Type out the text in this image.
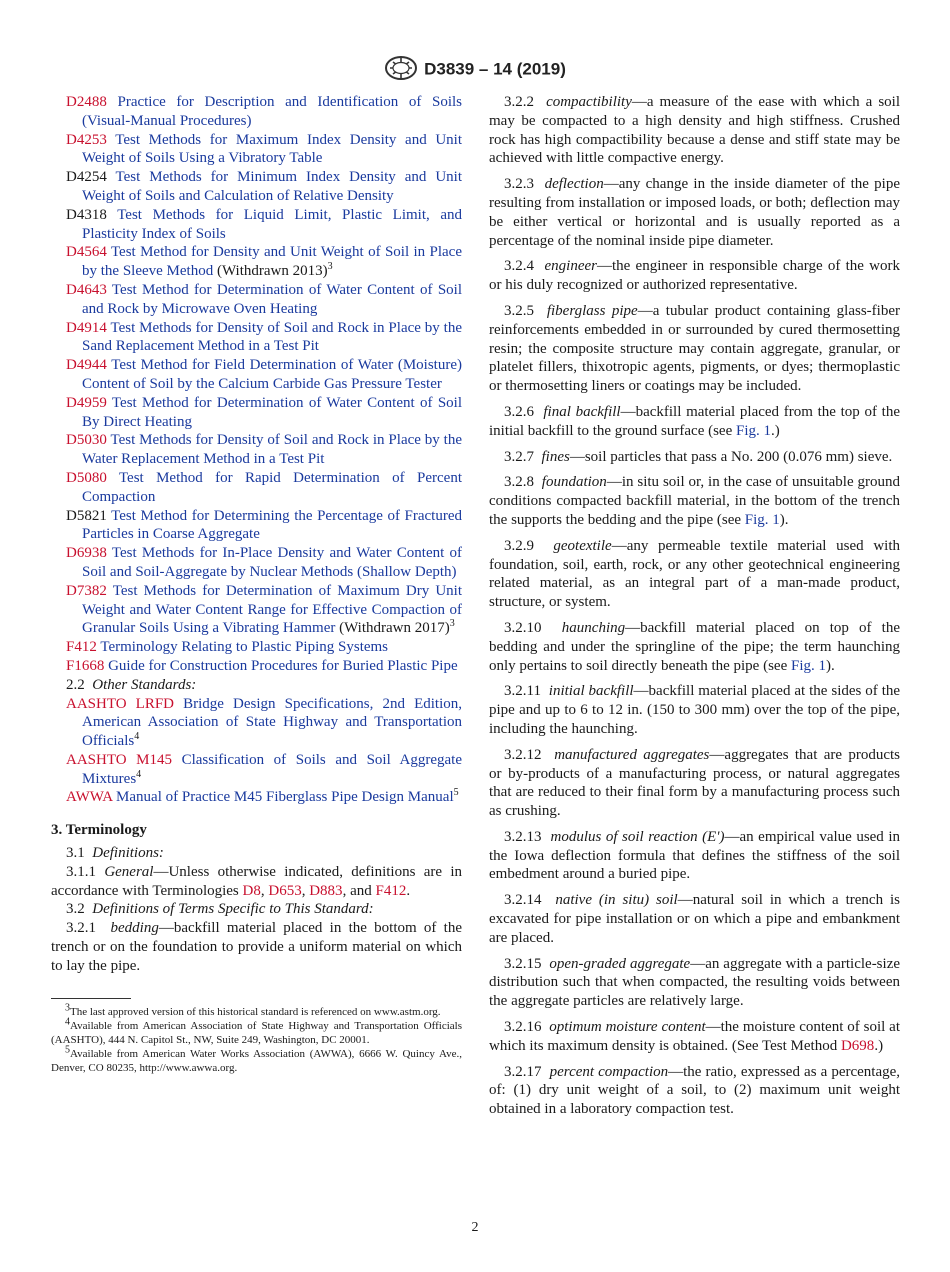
D3839 – 14 (2019)

D2488 Practice for Description and Identification of Soils (Visual-Manual Procedures)

D4253 Test Methods for Maximum Index Density and Unit Weight of Soils Using a Vibratory Table

D4254 Test Methods for Minimum Index Density and Unit Weight of Soils and Calculation of Relative Density

D4318 Test Methods for Liquid Limit, Plastic Limit, and Plasticity Index of Soils

D4564 Test Method for Density and Unit Weight of Soil in Place by the Sleeve Method (Withdrawn 2013)$^3$

D4643 Test Method for Determination of Water Content of Soil and Rock by Microwave Oven Heating

D4914 Test Methods for Density of Soil and Rock in Place by the Sand Replacement Method in a Test Pit

D4944 Test Method for Field Determination of Water (Moisture) Content of Soil by the Calcium Carbide Gas Pressure Tester

D4959 Test Method for Determination of Water Content of Soil By Direct Heating

D5030 Test Methods for Density of Soil and Rock in Place by the Water Replacement Method in a Test Pit

D5080 Test Method for Rapid Determination of Percent Compaction

D5821 Test Method for Determining the Percentage of Fractured Particles in Coarse Aggregate

D6938 Test Methods for In-Place Density and Water Content of Soil and Soil-Aggregate by Nuclear Methods (Shallow Depth)

D7382 Test Methods for Determination of Maximum Dry Unit Weight and Water Content Range for Effective Compaction of Granular Soils Using a Vibrating Hammer (Withdrawn 2017)$^3$

F412 Terminology Relating to Plastic Piping Systems

F1668 Guide for Construction Procedures for Buried Plastic Pipe

2.2 Other Standards:

AASHTO LRFD Bridge Design Specifications, 2nd Edition, American Association of State Highway and Transportation Officials$^4$

AASHTO M145 Classification of Soils and Soil Aggregate Mixtures$^4$

AWWA Manual of Practice M45 Fiberglass Pipe Design Manual$^5$

3. Terminology

3.1 Definitions:

3.1.1 General—Unless otherwise indicated, definitions are in accordance with Terminologies D8, D653, D883, and F412.

3.2 Definitions of Terms Specific to This Standard:

3.2.1 bedding—backfill material placed in the bottom of the trench or on the foundation to provide a uniform material on which to lay the pipe.

$^3$The last approved version of this historical standard is referenced on www.astm.org.

$^4$Available from American Association of State Highway and Transportation Officials (AASHTO), 444 N. Capitol St., NW, Suite 249, Washington, DC 20001.

$^5$Available from American Water Works Association (AWWA), 6666 W. Quincy Ave., Denver, CO 80235, http://www.awwa.org.

3.2.2 compactibility—a measure of the ease with which a soil may be compacted to a high density and high stiffness. Crushed rock has high compactibility because a dense and stiff state may be achieved with little compactive energy.

3.2.3 deflection—any change in the inside diameter of the pipe resulting from installation or imposed loads, or both; deflection may be either vertical or horizontal and is usually reported as a percentage of the nominal inside pipe diameter.

3.2.4 engineer—the engineer in responsible charge of the work or his duly recognized or authorized representative.

3.2.5 fiberglass pipe—a tubular product containing glass-fiber reinforcements embedded in or surrounded by cured thermosetting resin; the composite structure may contain aggregate, granular, or platelet fillers, thixotropic agents, pigments, or dyes; thermoplastic or thermosetting liners or coatings may be included.

3.2.6 final backfill—backfill material placed from the top of the initial backfill to the ground surface (see Fig. 1.)

3.2.7 fines—soil particles that pass a No. 200 (0.076 mm) sieve.

3.2.8 foundation—in situ soil or, in the case of unsuitable ground conditions compacted backfill material, in the bottom of the trench the supports the bedding and the pipe (see Fig. 1).

3.2.9 geotextile—any permeable textile material used with foundation, soil, earth, rock, or any other geotechnical engineering related material, as an integral part of a man-made product, structure, or system.

3.2.10 haunching—backfill material placed on top of the bedding and under the springline of the pipe; the term haunching only pertains to soil directly beneath the pipe (see Fig. 1).

3.2.11 initial backfill—backfill material placed at the sides of the pipe and up to 6 to 12 in. (150 to 300 mm) over the top of the pipe, including the haunching.

3.2.12 manufactured aggregates—aggregates that are products or by-products of a manufacturing process, or natural aggregates that are reduced to their final form by a manufacturing process such as crushing.

3.2.13 modulus of soil reaction (E')—an empirical value used in the Iowa deflection formula that defines the stiffness of the soil embedment around a buried pipe.

3.2.14 native (in situ) soil—natural soil in which a trench is excavated for pipe installation or on which a pipe and embankment are placed.

3.2.15 open-graded aggregate—an aggregate with a particle-size distribution such that when compacted, the resulting voids between the aggregate particles are relatively large.

3.2.16 optimum moisture content—the moisture content of soil at which its maximum density is obtained. (See Test Method D698.)

3.2.17 percent compaction—the ratio, expressed as a percentage, of: (1) dry unit weight of a soil, to (2) maximum unit weight obtained in a laboratory compaction test.

2
